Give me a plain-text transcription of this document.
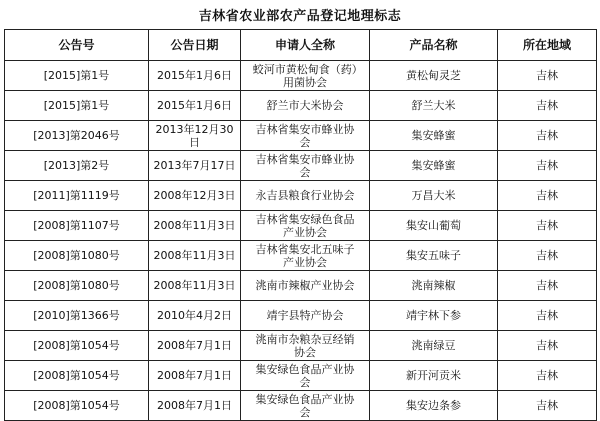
吉林省农业部农产品登记地理标志
公告号	公告日期	申请人全称	产品名称	所在地域
[2015]第1号	2015年1月6日	蛟河市黄松甸食（药）用菌协会	黄松甸灵芝	吉林
[2015]第1号	2015年1月6日	舒兰市大米协会	舒兰大米	吉林
[2013]第2046号	2013年12月30日	吉林省集安市蜂业协会	集安蜂蜜	吉林
[2013]第2号	2013年7月17日	吉林省集安市蜂业协会	集安蜂蜜	吉林
[2011]第1119号	2008年12月3日	永吉县粮食行业协会	万昌大米	吉林
[2008]第1107号	2008年11月3日	吉林省集安绿色食品产业协会	集安山葡萄	吉林
[2008]第1080号	2008年11月3日	吉林省集安北五味子产业协会	集安五味子	吉林
[2008]第1080号	2008年11月3日	洮南市辣椒产业协会	洮南辣椒	吉林
[2010]第1366号	2010年4月2日	靖宇县特产协会	靖宇林下参	吉林
[2008]第1054号	2008年7月1日	洮南市杂粮杂豆经销协会	洮南绿豆	吉林
[2008]第1054号	2008年7月1日	集安绿色食品产业协会	新开河贡米	吉林
[2008]第1054号	2008年7月1日	集安绿色食品产业协会	集安边条参	吉林
